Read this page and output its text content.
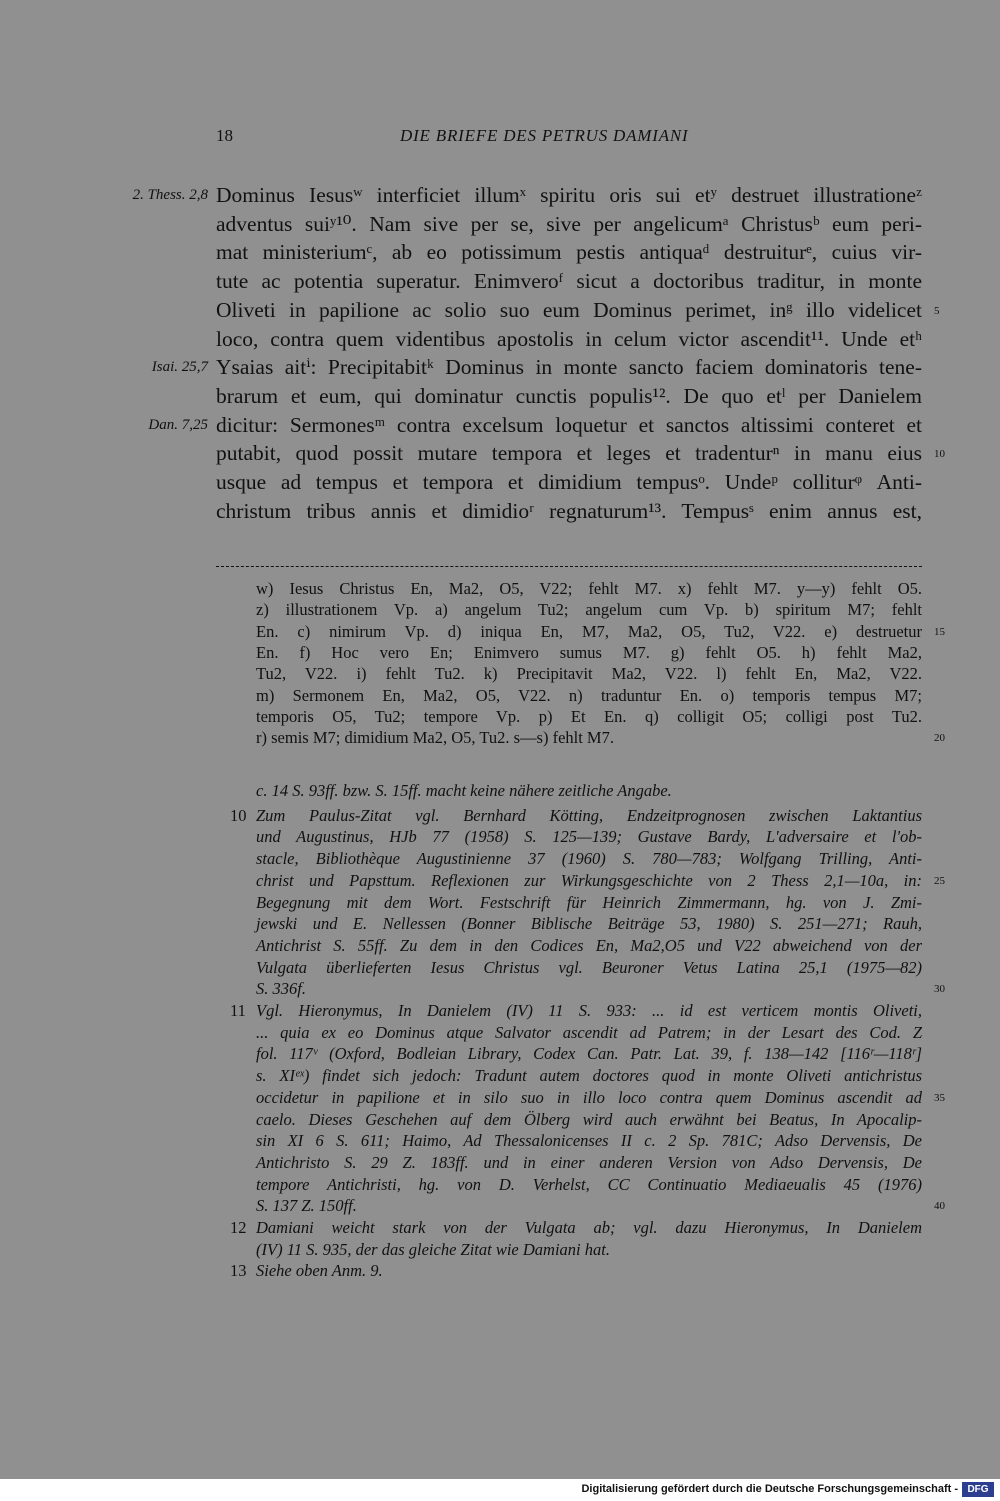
18	DIE BRIEFE DES PETRUS DAMIANI
2. Thess. 2,8 Dominus Iesusʷ interficiet illumˣ spiritu oris sui etʸ destruet illustrationeᶻ
adventus suiʸ¹⁰. Nam sive per se, sive per angelicumᵃ Christusᵇ eum peri-
mat ministeriumᶜ, ab eo potissimum pestis antiquaᵈ destruiturᵉ, cuius vir-
tute ac potentia superatur. Enimveroᶠ sicut a doctoribus traditur, in monte
Oliveti in papilione ac solio suo eum Dominus perimet, inᵍ illo videlicet 5
loco, contra quem videntibus apostolis in celum victor ascendit¹¹. Unde etʰ
Isai. 25,7 Ysaias aitⁱ: Precipitabitᵏ Dominus in monte sancto faciem dominatoris tene-
brarum et eum, qui dominatur cunctis populis¹². De quo etˡ per Danielem
Dan. 7,25 dicitur: Sermonesᵐ contra excelsum loquetur et sanctos altissimi conteret et
putabit, quod possit mutare tempora et leges et tradenturⁿ in manu eius 10
usque ad tempus et tempora et dimidium tempusᵒ. Undeᵖ colliturᵠ Anti-
christum tribus annis et dimidioʳ regnaturum¹³. Tempusˢ enim annus est,
w) Iesus Christus En, Ma2, O5, V22; fehlt M7. x) fehlt M7. y—y) fehlt O5.
z) illustrationem Vp. a) angelum Tu2; angelum cum Vp. b) spiritum M7; fehlt
En. c) nimirum Vp. d) iniqua En, M7, Ma2, O5, Tu2, V22. e) destruetur 15
En. f) Hoc vero En; Enimvero sumus M7. g) fehlt O5. h) fehlt Ma2,
Tu2, V22. i) fehlt Tu2. k) Precipitavit Ma2, V22. l) fehlt En, Ma2, V22.
m) Sermonem En, Ma2, O5, V22. n) traduntur En. o) temporis tempus M7;
temporis O5, Tu2; tempore Vp. p) Et En. q) colligit O5; colligi post Tu2.
r) semis M7; dimidium Ma2, O5, Tu2. s—s) fehlt M7.	20
c. 14 S. 93ff. bzw. S. 15ff. macht keine nähere zeitliche Angabe.
10 Zum Paulus-Zitat vgl. Bernhard Kötting, Endzeitprognosen zwischen Laktantius
und Augustinus, HJb 77 (1958) S. 125—139; Gustave Bardy, L'adversaire et l'ob-
stacle, Bibliothèque Augustinienne 37 (1960) S. 780—783; Wolfgang Trilling, Anti-
christ und Papsttum. Reflexionen zur Wirkungsgeschichte von 2 Thess 2,1—10a, in: 25
Begegnung mit dem Wort. Festschrift für Heinrich Zimmermann, hg. von J. Zmi-
jewski und E. Nellessen (Bonner Biblische Beiträge 53, 1980) S. 251—271; Rauh,
Antichrist S. 55ff. Zu dem in den Codices En, Ma2,O5 und V22 abweichend von der
Vulgata überlieferten Iesus Christus vgl. Beuroner Vetus Latina 25,1 (1975—82)
S. 336f.	30
11 Vgl. Hieronymus, In Danielem (IV) 11 S. 933: ... id est verticem montis Oliveti,
... quia ex eo Dominus atque Salvator ascendit ad Patrem; in der Lesart des Cod. Z
fol. 117ᵛ (Oxford, Bodleian Library, Codex Can. Patr. Lat. 39, f. 138—142 [116ʳ—118ʳ]
s. XIᵉˣ) findet sich jedoch: Tradunt autem doctores quod in monte Oliveti antichristus
occidetur in papilione et in silo suo in illo loco contra quem Dominus ascendit ad 35
caelo. Dieses Geschehen auf dem Ölberg wird auch erwähnt bei Beatus, In Apocalip-
sin XI 6 S. 611; Haimo, Ad Thessalonicenses II c. 2 Sp. 781C; Adso Dervensis, De
Antichristo S. 29 Z. 183ff. und in einer anderen Version von Adso Dervensis, De
tempore Antichristi, hg. von D. Verhelst, CC Continuatio Mediaeualis 45 (1976)
S. 137 Z. 150ff.	40
12 Damiani weicht stark von der Vulgata ab; vgl. dazu Hieronymus, In Danielem
(IV) 11 S. 935, der das gleiche Zitat wie Damiani hat.
13 Siehe oben Anm. 9.
Digitalisierung gefördert durch die Deutsche Forschungsgemeinschaft - DFG
